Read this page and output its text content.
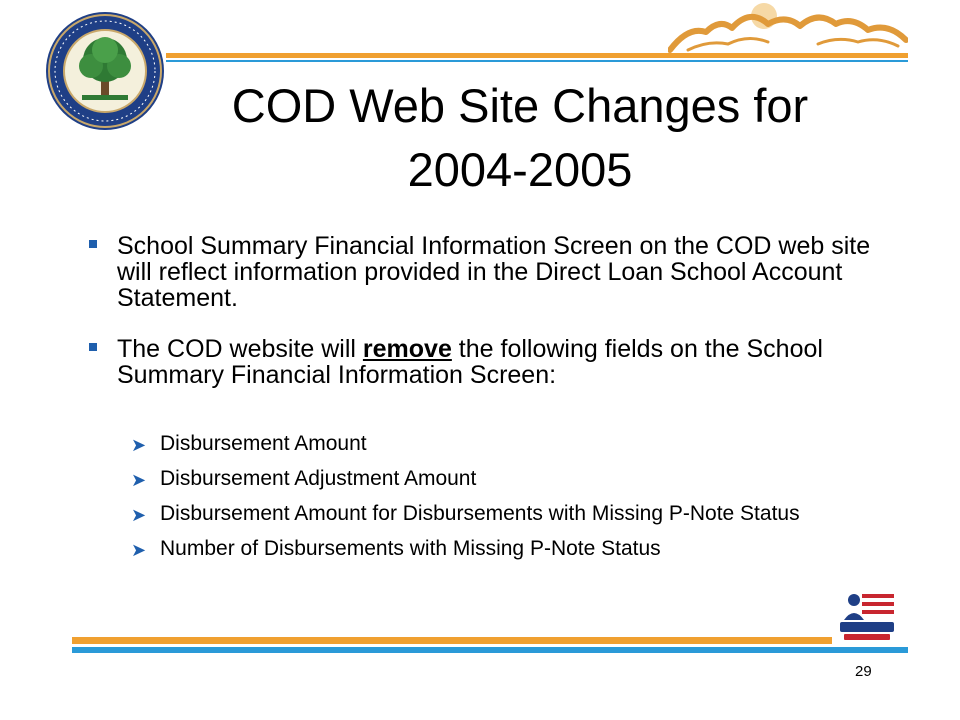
COD Web Site Changes for 2004-2005
School Summary Financial Information Screen on the COD web site will reflect information provided in the Direct Loan School Account Statement.
The COD website will remove the following fields on the School Summary Financial Information Screen:
➤ Disbursement Amount
➤ Disbursement Adjustment Amount
➤ Disbursement Amount for Disbursements with Missing P-Note Status
➤ Number of Disbursements with Missing P-Note Status
29
